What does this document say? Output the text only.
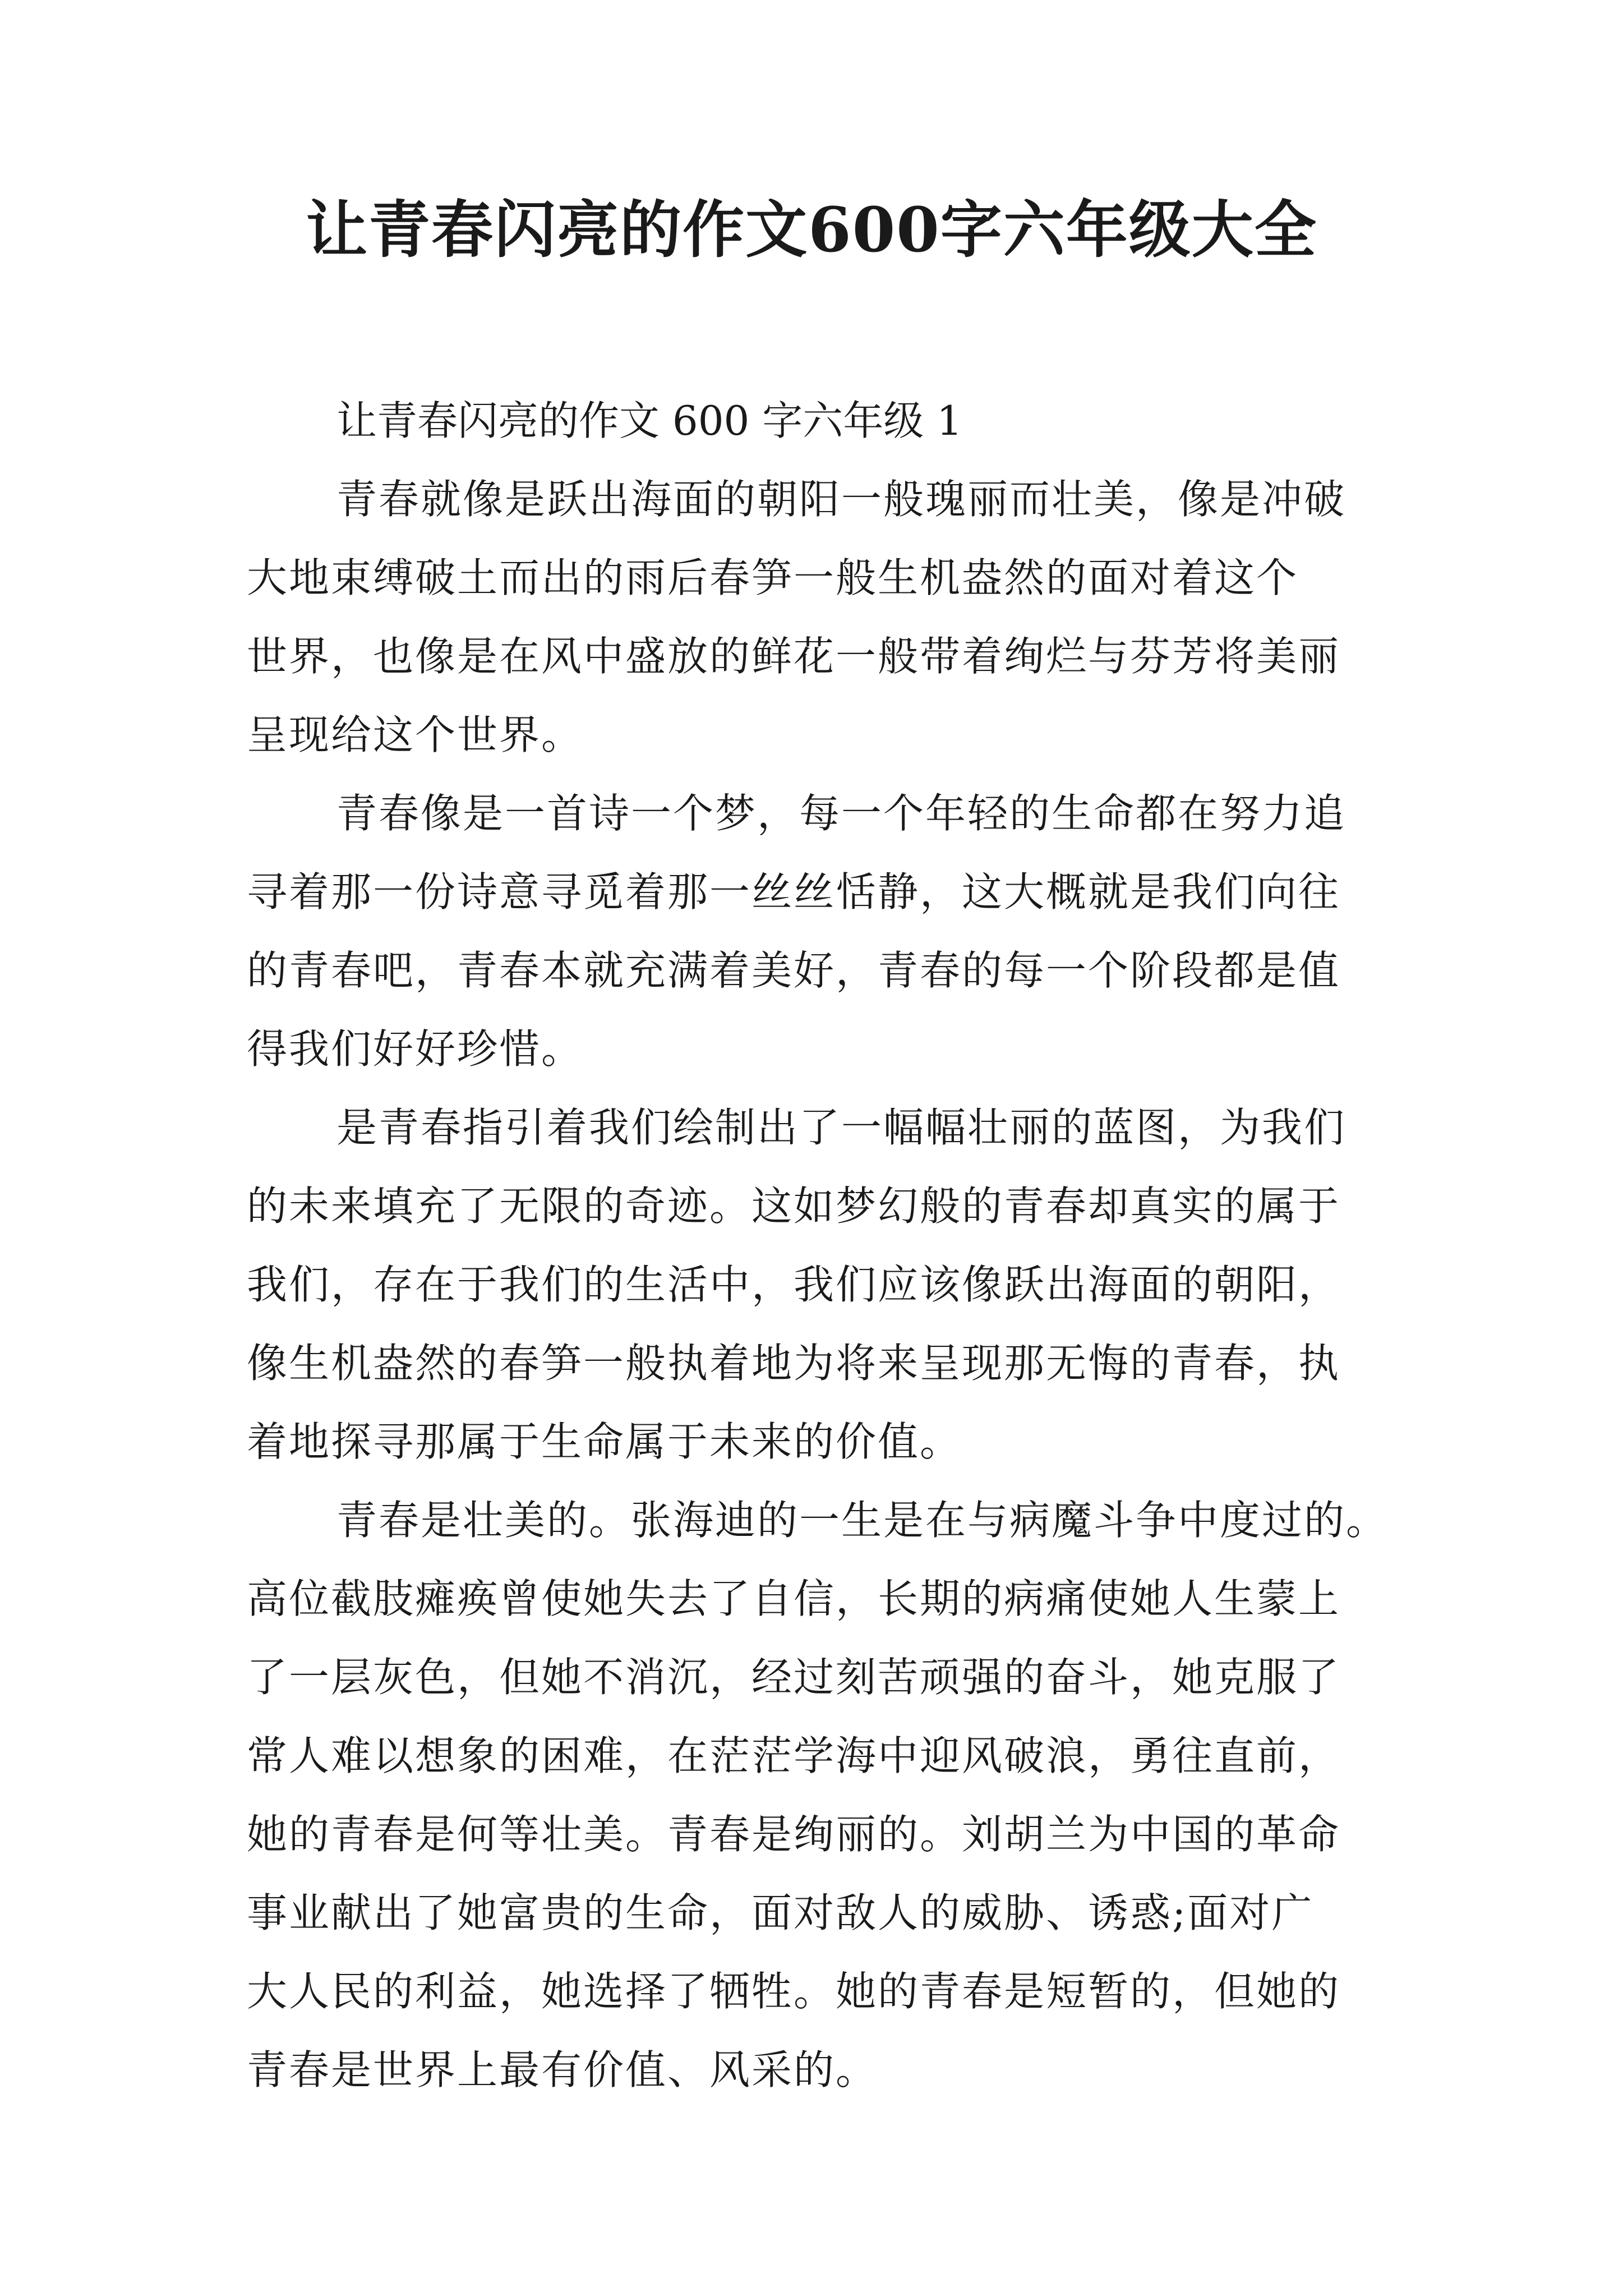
让青春闪亮的作文600字六年级大全

让青春闪亮的作文 600 字六年级 1

青春就像是跃出海面的朝阳一般瑰丽而壮美，像是冲破
大地束缚破土而出的雨后春笋一般生机盎然的面对着这个
世界，也像是在风中盛放的鲜花一般带着绚烂与芬芳将美丽
呈现给这个世界。

青春像是一首诗一个梦，每一个年轻的生命都在努力追
寻着那一份诗意寻觅着那一丝丝恬静，这大概就是我们向往
的青春吧，青春本就充满着美好，青春的每一个阶段都是值
得我们好好珍惜。

是青春指引着我们绘制出了一幅幅壮丽的蓝图，为我们
的未来填充了无限的奇迹。这如梦幻般的青春却真实的属于
我们，存在于我们的生活中，我们应该像跃出海面的朝阳，
像生机盎然的春笋一般执着地为将来呈现那无悔的青春，执
着地探寻那属于生命属于未来的价值。

青春是壮美的。张海迪的一生是在与病魔斗争中度过的。
高位截肢瘫痪曾使她失去了自信，长期的病痛使她人生蒙上
了一层灰色，但她不消沉，经过刻苦顽强的奋斗，她克服了
常人难以想象的困难，在茫茫学海中迎风破浪，勇往直前，
她的青春是何等壮美。青春是绚丽的。刘胡兰为中国的革命
事业献出了她富贵的生命，面对敌人的威胁、诱惑;面对广
大人民的利益，她选择了牺牲。她的青春是短暂的，但她的
青春是世界上最有价值、风采的。
